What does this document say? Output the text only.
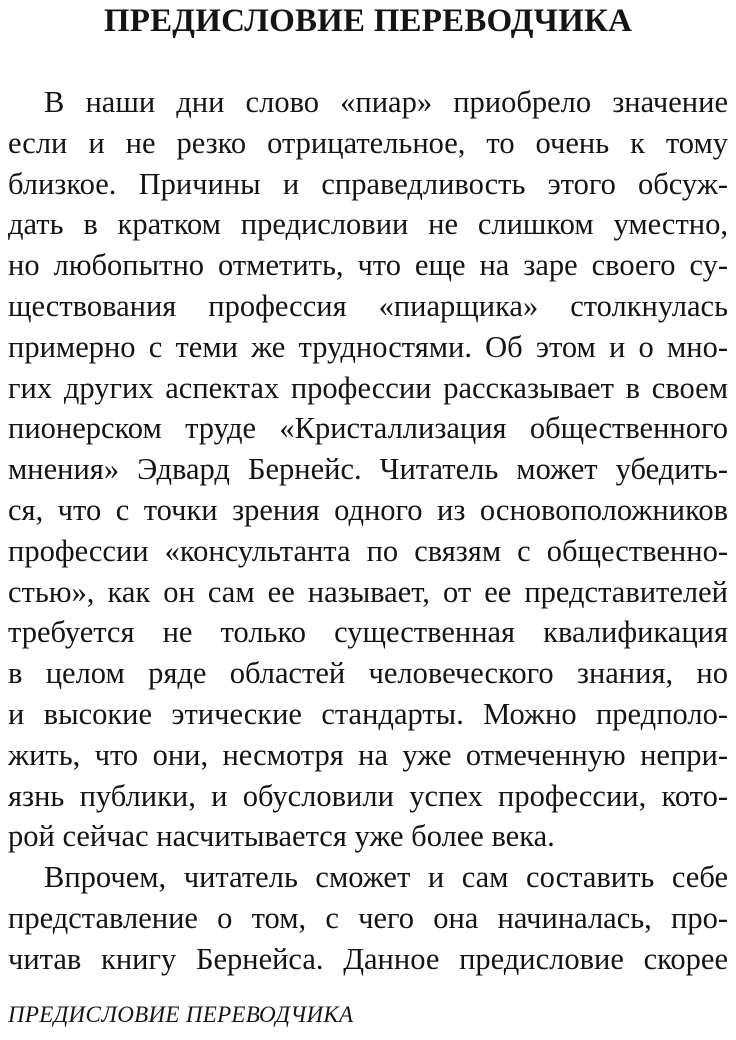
ПРЕДИСЛОВИЕ ПЕРЕВОДЧИКА
В наши дни слово «пиар» приобрело значение
если и не резко отрицательное, то очень к тому
близкое. Причины и справедливость этого обсуж-
дать в кратком предисловии не слишком уместно,
но любопытно отметить, что еще на заре своего су-
ществования профессия «пиарщика» столкнулась
примерно с теми же трудностями. Об этом и о мно-
гих других аспектах профессии рассказывает в своем
пионерском труде «Кристаллизация общественного
мнения» Эдвард Бернейс. Читатель может убедить-
ся, что с точки зрения одного из основоположников
профессии «консультанта по связям с общественно-
стью», как он сам ее называет, от ее представителей
требуется не только существенная квалификация
в целом ряде областей человеческого знания, но
и высокие этические стандарты. Можно предполо-
жить, что они, несмотря на уже отмеченную непри-
язнь публики, и обусловили успех профессии, кото-
рой сейчас насчитывается уже более века.
Впрочем, читатель сможет и сам составить себе
представление о том, с чего она начиналась, про-
читав книгу Бернейса. Данное предисловие скорее
ПРЕДИСЛОВИЕ ПЕРЕВОДЧИКА
